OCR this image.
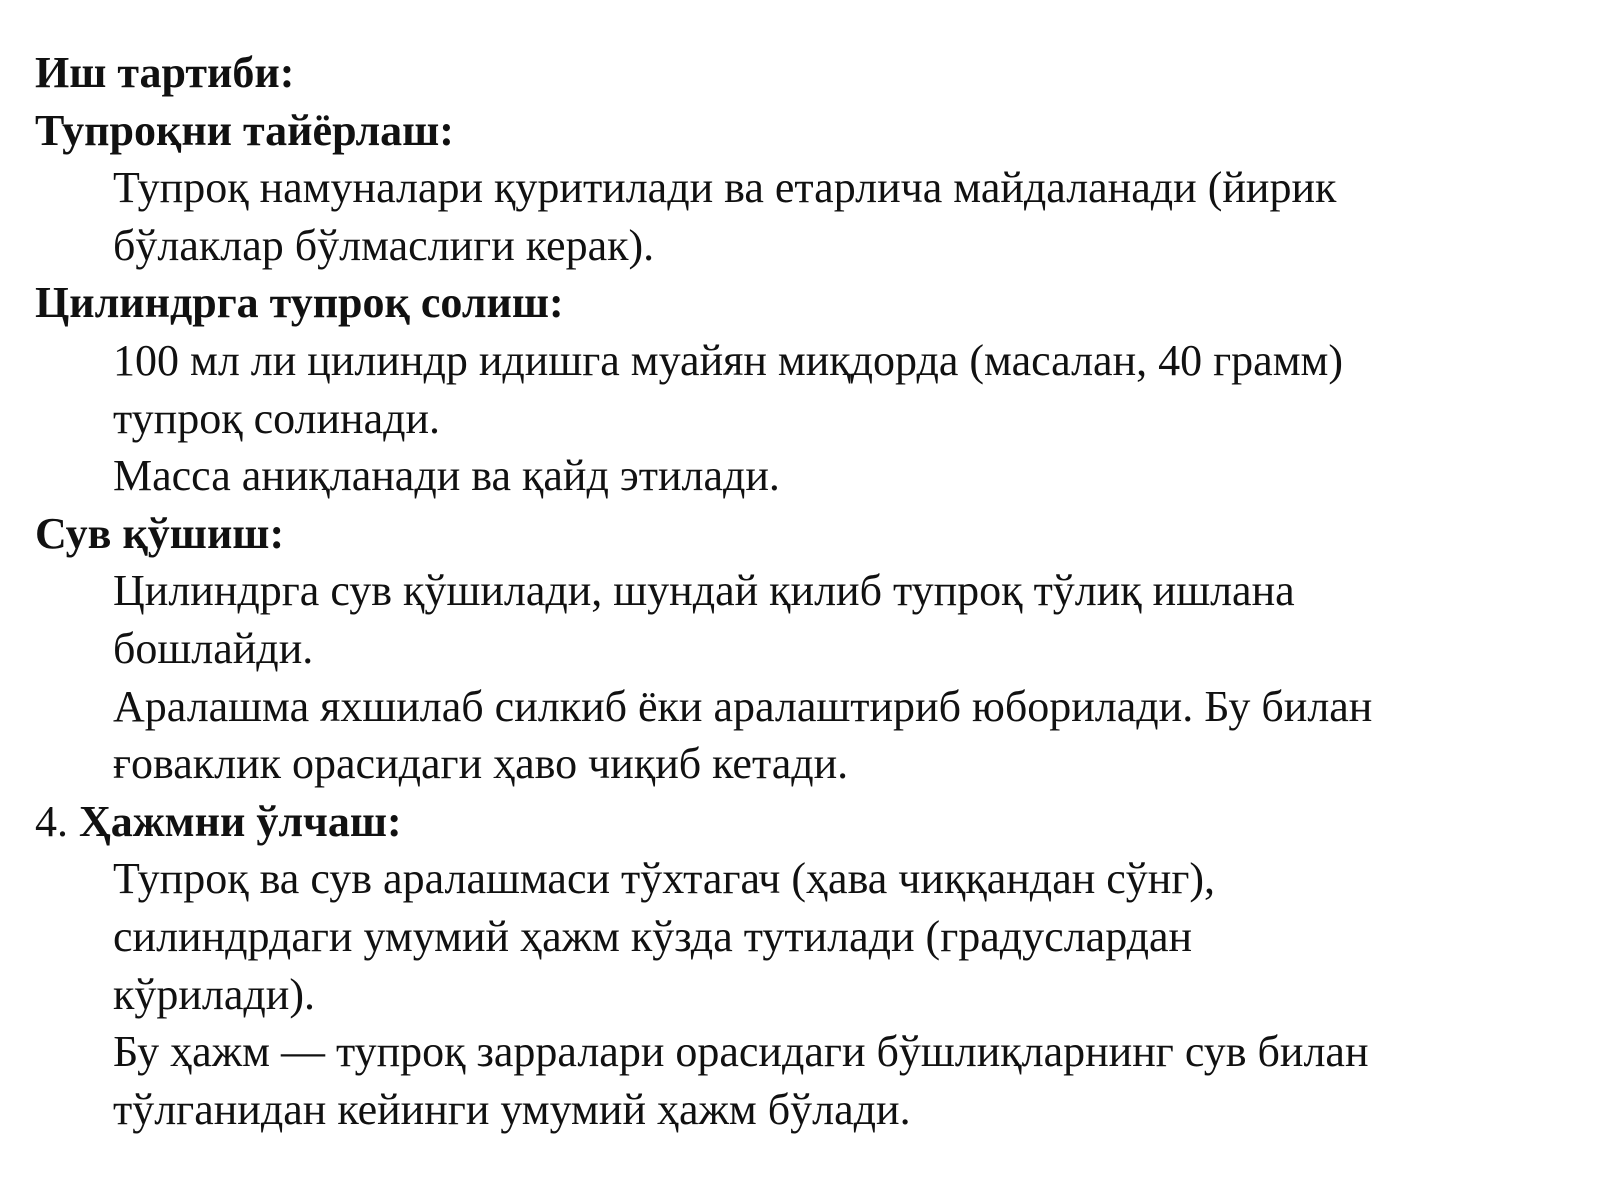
Иш тартиби:
Тупроқни тайёрлаш:
Тупроқ намуналари қуритилади ва етарлича майдаланади (йирик
бўлаклар бўлмаслиги керак).
Цилиндрга тупроқ солиш:
100 мл ли цилиндр идишга муайян миқдорда (масалан, 40 грамм)
тупроқ солинади.
Масса аниқланади ва қайд этилади.
Сув қўшиш:
Цилиндрга сув қўшилади, шундай қилиб тупроқ тўлиқ ишлана
бошлайди.
Аралашма яхшилаб силкиб ёки аралаштириб юборилади. Бу билан
ғоваклик орасидаги ҳаво чиқиб кетади.
4. Ҳажмни ўлчаш:
Тупроқ ва сув аралашмаси тўхтагач (ҳава чиққандан сўнг),
силиндрдаги умумий ҳажм кўзда тутилади (градуслардан
кўрилади).
Бу ҳажм — тупроқ зарралари орасидаги бўшлиқларнинг сув билан
тўлганидан кейинги умумий ҳажм бўлади.
